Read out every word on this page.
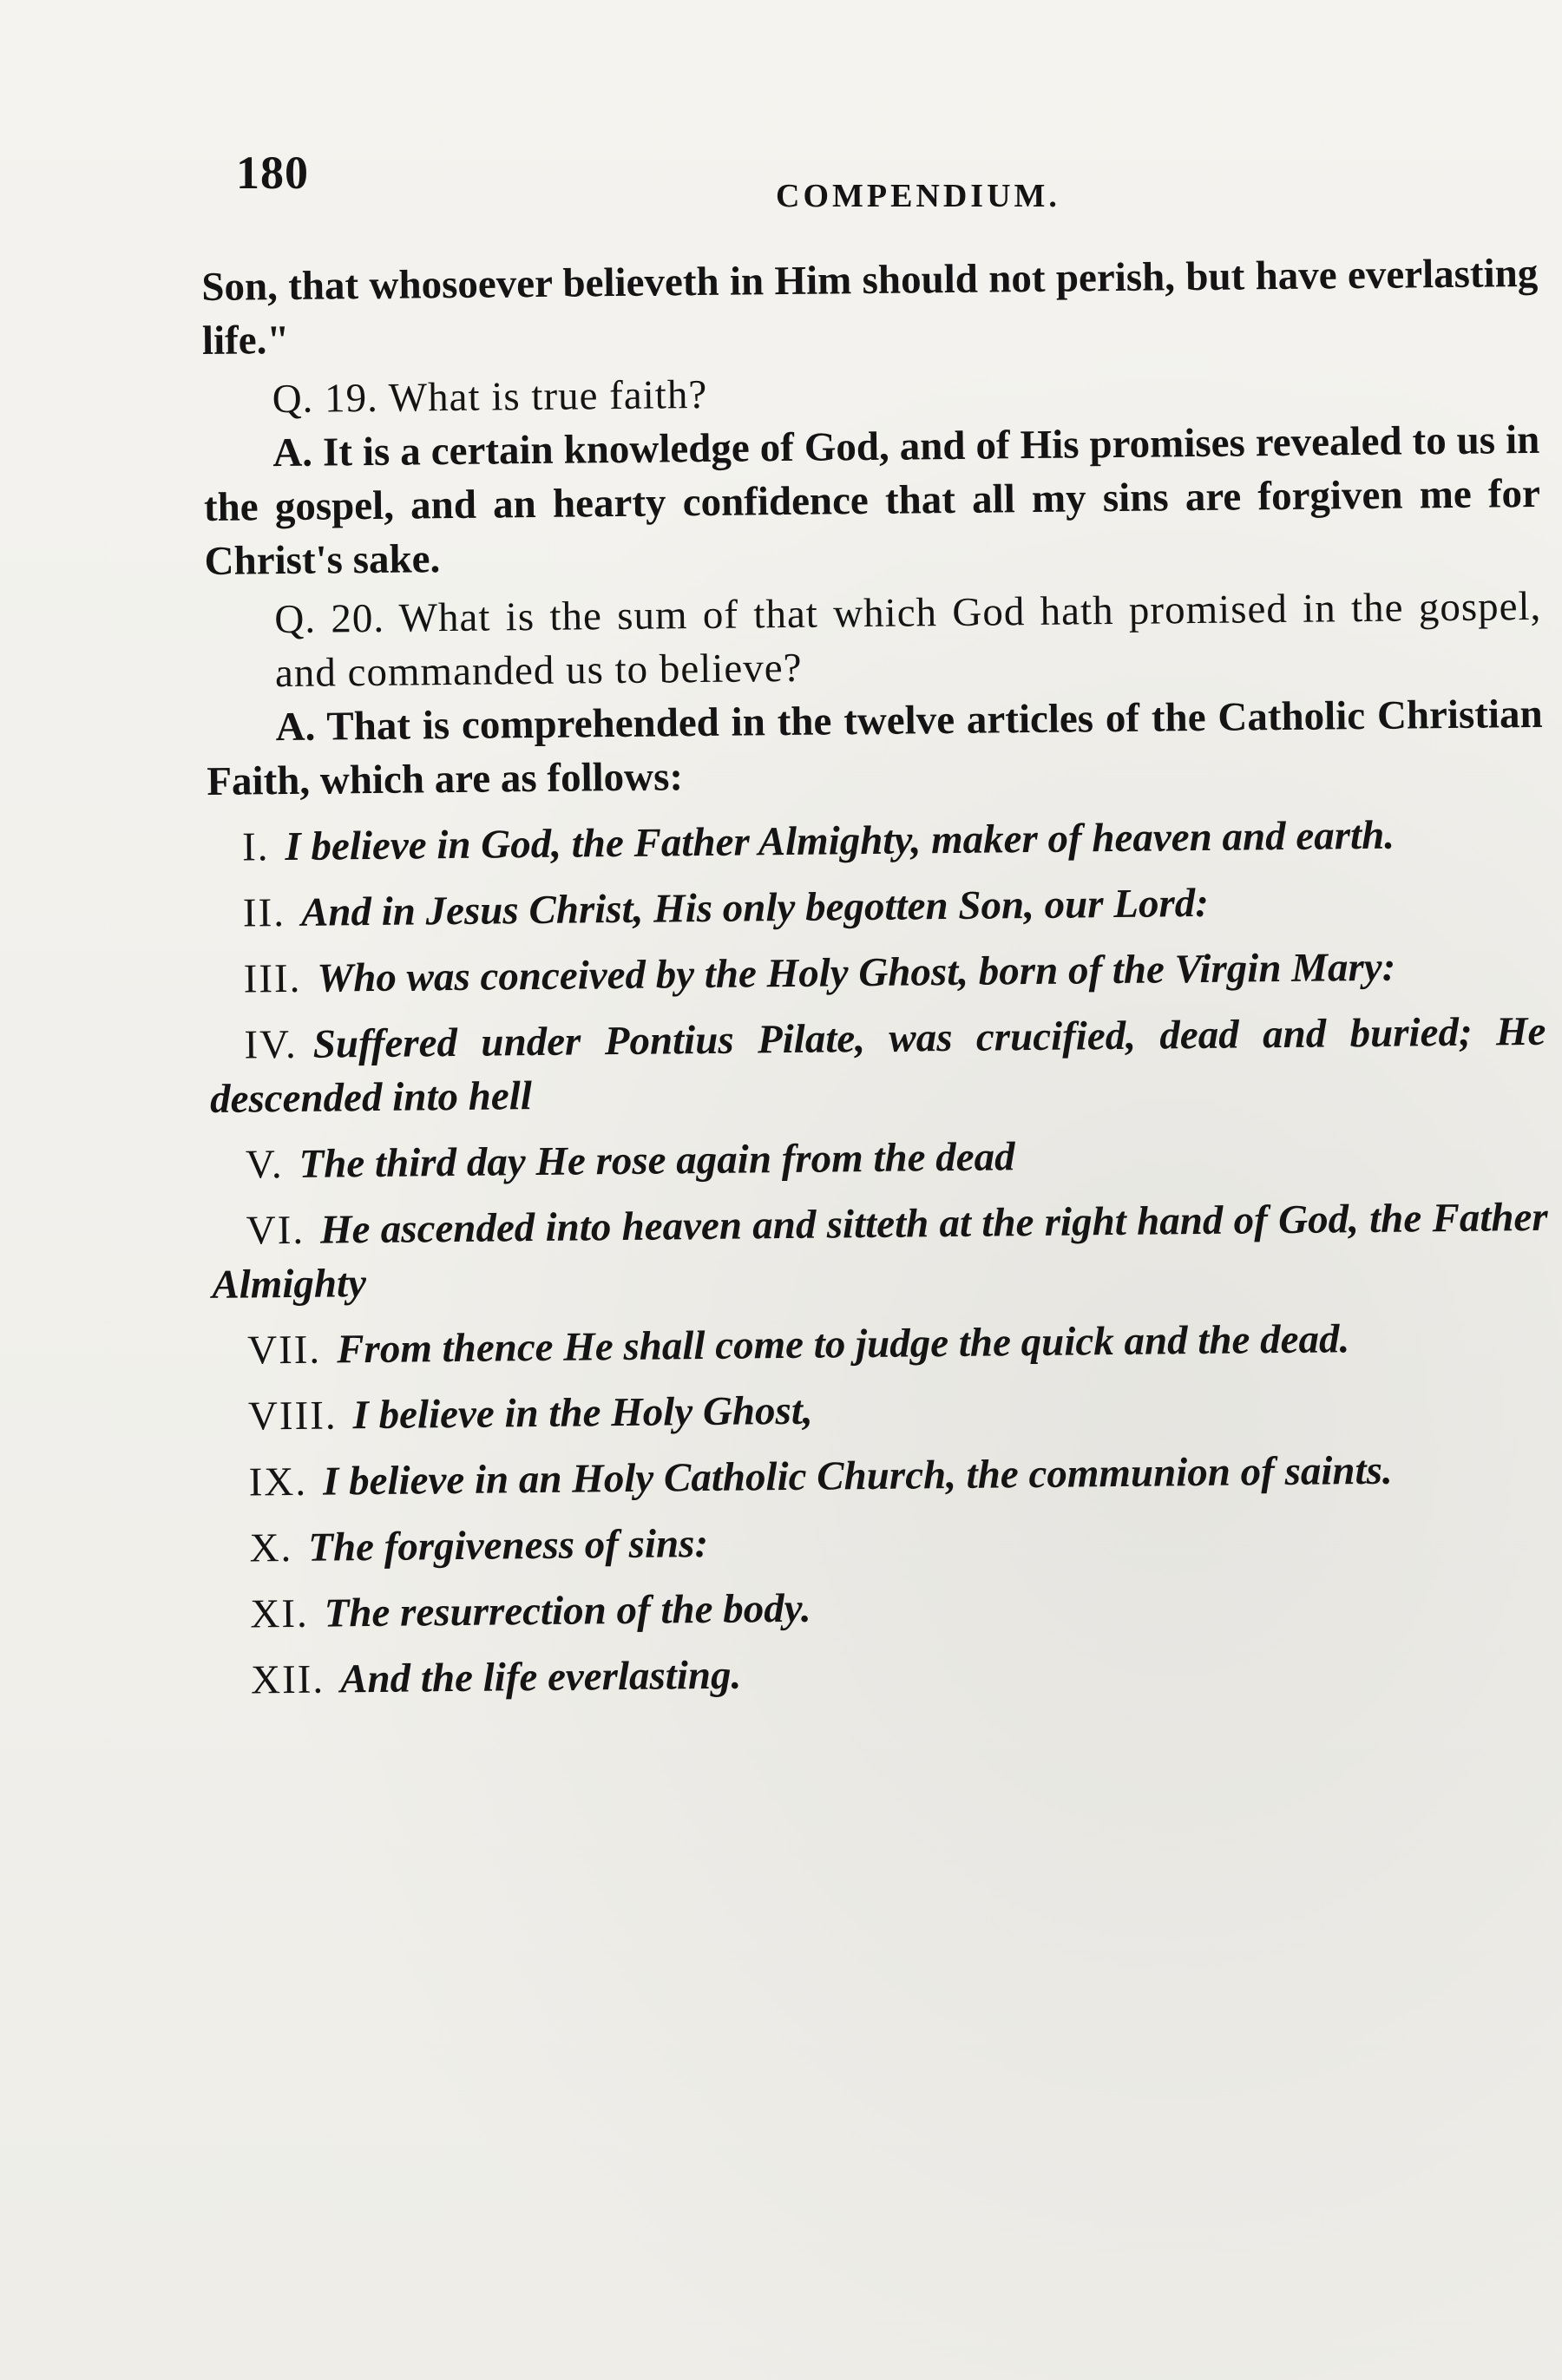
180	COMPENDIUM.

Son, that whosoever believeth in Him should not perish, but have everlasting life."

Q. 19. What is true faith?

A. It is a certain knowledge of God, and of His promises revealed to us in the gospel, and an hearty confidence that all my sins are forgiven me for Christ's sake.

Q. 20. What is the sum of that which God hath promised in the gospel, and commanded us to believe?

A. That is comprehended in the twelve articles of the Catholic Christian Faith, which are as follows:

I. I believe in God, the Father Almighty, maker of heaven and earth.

II. And in Jesus Christ, His only begotten Son, our Lord:

III. Who was conceived by the Holy Ghost, born of the Virgin Mary:

IV. Suffered under Pontius Pilate, was crucified, dead and buried; He descended into hell

V. The third day He rose again from the dead

VI. He ascended into heaven and sitteth at the right hand of God, the Father Almighty

VII. From thence He shall come to judge the quick and the dead.

VIII. I believe in the Holy Ghost,

IX. I believe in an Holy Catholic Church, the communion of saints.

X. The forgiveness of sins:

XI. The resurrection of the body.

XII. And the life everlasting.
